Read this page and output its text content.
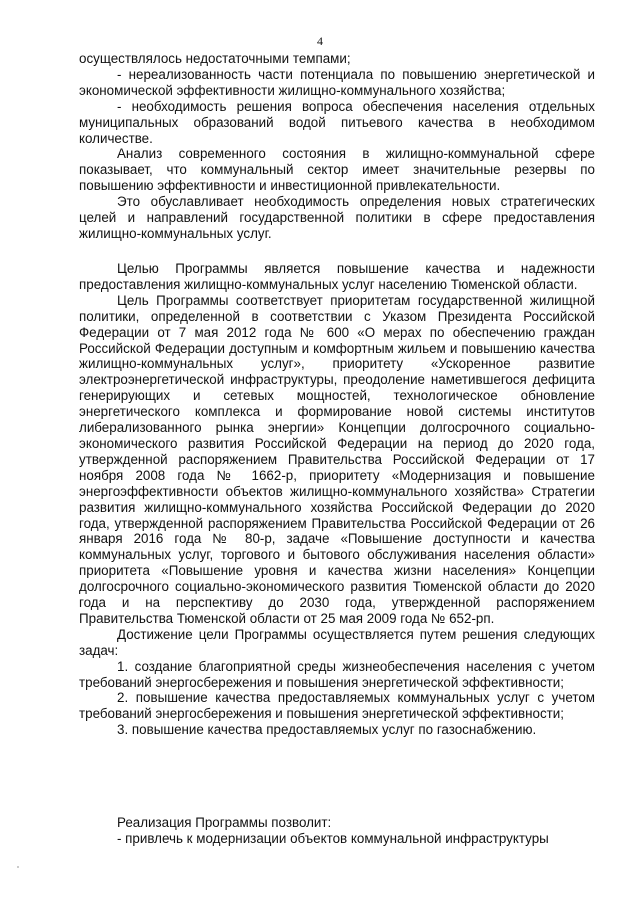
4

осуществлялось недостаточными темпами;

- нереализованность части потенциала по повышению энергетической и экономической эффективности жилищно-коммунального хозяйства;

- необходимость решения вопроса обеспечения населения отдельных муниципальных образований водой питьевого качества в необходимом количестве.

Анализ современного состояния в жилищно-коммунальной сфере показывает, что коммунальный сектор имеет значительные резервы по повышению эффективности и инвестиционной привлекательности.

Это обуславливает необходимость определения новых стратегических целей и направлений государственной политики в сфере предоставления жилищно-коммунальных услуг.

Целью Программы является повышение качества и надежности предоставления жилищно-коммунальных услуг населению Тюменской области.

Цель Программы соответствует приоритетам государственной жилищной политики, определенной в соответствии с Указом Президента Российской Федерации от 7 мая 2012 года № 600 «О мерах по обеспечению граждан Российской Федерации доступным и комфортным жильем и повышению качества жилищно-коммунальных услуг», приоритету «Ускоренное развитие электроэнергетической инфраструктуры, преодоление наметившегося дефицита генерирующих и сетевых мощностей, технологическое обновление энергетического комплекса и формирование новой системы институтов либерализованного рынка энергии» Концепции долгосрочного социально-экономического развития Российской Федерации на период до 2020 года, утвержденной распоряжением Правительства Российской Федерации от 17 ноября 2008 года № 1662-р, приоритету «Модернизация и повышение энергоэффективности объектов жилищно-коммунального хозяйства» Стратегии развития жилищно-коммунального хозяйства Российской Федерации до 2020 года, утвержденной распоряжением Правительства Российской Федерации от 26 января 2016 года № 80-р, задаче «Повышение доступности и качества коммунальных услуг, торгового и бытового обслуживания населения области» приоритета «Повышение уровня и качества жизни населения» Концепции долгосрочного социально-экономического развития Тюменской области до 2020 года и на перспективу до 2030 года, утвержденной распоряжением Правительства Тюменской области от 25 мая 2009 года № 652-рп.

Достижение цели Программы осуществляется путем решения следующих задач:

1. создание благоприятной среды жизнеобеспечения населения с учетом требований энергосбережения и повышения энергетической эффективности;

2. повышение качества предоставляемых коммунальных услуг с учетом требований энергосбережения и повышения энергетической эффективности;

3. повышение качества предоставляемых услуг по газоснабжению.

Реализация Программы позволит:

- привлечь к модернизации объектов коммунальной инфраструктуры
